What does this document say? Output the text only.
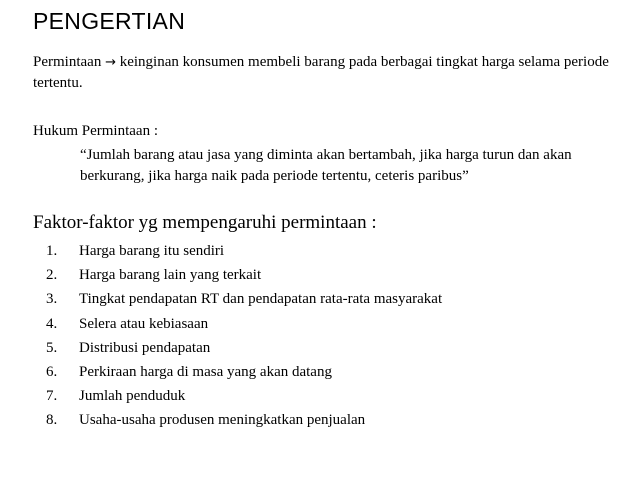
PENGERTIAN

Permintaan → keinginan konsumen membeli barang pada berbagai tingkat harga selama periode tertentu.

Hukum Permintaan :

“Jumlah barang atau jasa yang diminta akan bertambah, jika harga turun dan akan berkurang, jika harga naik pada periode tertentu, ceteris paribus”

Faktor-faktor yg mempengaruhi permintaan :

1. Harga barang itu sendiri
2. Harga barang lain yang terkait
3. Tingkat pendapatan RT dan pendapatan rata-rata masyarakat
4. Selera atau kebiasaan
5. Distribusi pendapatan
6. Perkiraan harga di masa yang akan datang
7. Jumlah penduduk
8. Usaha-usaha produsen meningkatkan penjualan
